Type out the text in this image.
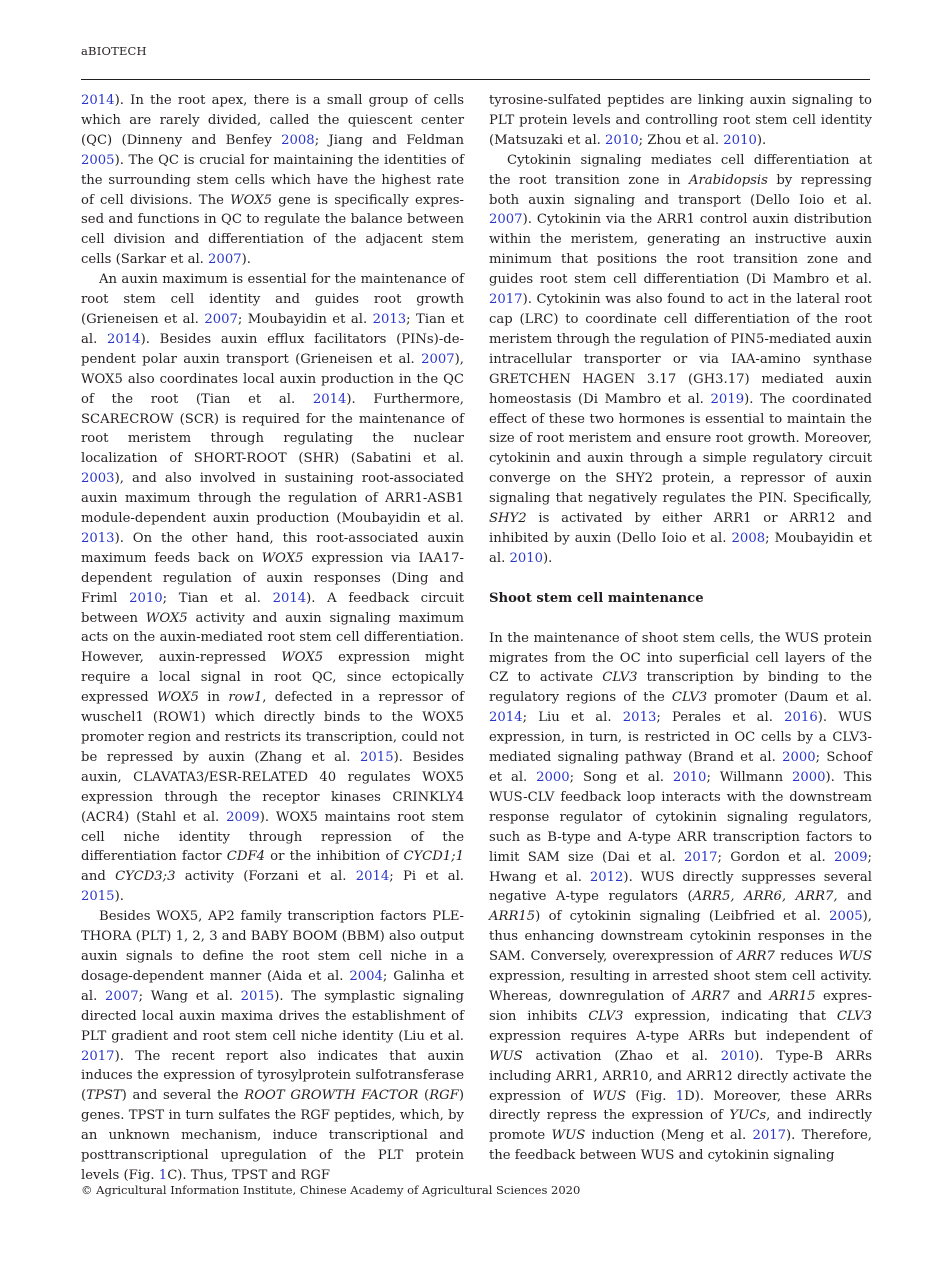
aBIOTECH

2014). In the root apex, there is a small group of cells which are rarely divided, called the quiescent center (QC) (Dinneny and Benfey 2008; Jiang and Feldman 2005). The QC is crucial for maintaining the identities of the surrounding stem cells which have the highest rate of cell divisions. The WOX5 gene is specifically expressed and functions in QC to regulate the balance between cell division and differentiation of the adjacent stem cells (Sarkar et al. 2007).

An auxin maximum is essential for the maintenance of root stem cell identity and guides root growth (Grieneisen et al. 2007; Moubayidin et al. 2013; Tian et al. 2014). Besides auxin efflux facilitators (PINs)-dependent polar auxin transport (Grieneisen et al. 2007), WOX5 also coordinates local auxin production in the QC of the root (Tian et al. 2014). Furthermore, SCARECROW (SCR) is required for the maintenance of root meristem through regulating the nuclear localization of SHORT-ROOT (SHR) (Sabatini et al. 2003), and also involved in sustaining root-associated auxin maximum through the regulation of ARR1-ASB1 module-dependent auxin production (Moubayidin et al. 2013). On the other hand, this root-associated auxin maximum feeds back on WOX5 expression via IAA17-dependent regulation of auxin responses (Ding and Friml 2010; Tian et al. 2014). A feedback circuit between WOX5 activity and auxin signaling maximum acts on the auxin-mediated root stem cell differentiation. However, auxin-repressed WOX5 expression might require a local signal in root QC, since ectopically expressed WOX5 in row1, defected in a repressor of wuschel1 (ROW1) which directly binds to the WOX5 promoter region and restricts its transcription, could not be repressed by auxin (Zhang et al. 2015). Besides auxin, CLAVATA3/ESR-RELATED 40 regulates WOX5 expression through the receptor kinases CRINKLY4 (ACR4) (Stahl et al. 2009). WOX5 maintains root stem cell niche identity through repression of the differentiation factor CDF4 or the inhibition of CYCD1;1 and CYCD3;3 activity (Forzani et al. 2014; Pi et al. 2015).

Besides WOX5, AP2 family transcription factors PLETHORA (PLT) 1, 2, 3 and BABY BOOM (BBM) also output auxin signals to define the root stem cell niche in a dosage-dependent manner (Aida et al. 2004; Galinha et al. 2007; Wang et al. 2015). The symplastic signaling directed local auxin maxima drives the establishment of PLT gradient and root stem cell niche identity (Liu et al. 2017). The recent report also indicates that auxin induces the expression of tyrosylprotein sulfotransferase (TPST) and several the ROOT GROWTH FACTOR (RGF) genes. TPST in turn sulfates the RGF peptides, which, by an unknown mechanism, induce transcriptional and posttranscriptional upregulation of the PLT protein levels (Fig. 1C). Thus, TPST and RGF

tyrosine-sulfated peptides are linking auxin signaling to PLT protein levels and controlling root stem cell identity (Matsuzaki et al. 2010; Zhou et al. 2010).

Cytokinin signaling mediates cell differentiation at the root transition zone in Arabidopsis by repressing both auxin signaling and transport (Dello Ioio et al. 2007). Cytokinin via the ARR1 control auxin distribution within the meristem, generating an instructive auxin minimum that positions the root transition zone and guides root stem cell differentiation (Di Mambro et al. 2017). Cytokinin was also found to act in the lateral root cap (LRC) to coordinate cell differentiation of the root meristem through the regulation of PIN5-mediated auxin intracellular transporter or via IAA-amino synthase GRETCHEN HAGEN 3.17 (GH3.17) mediated auxin homeostasis (Di Mambro et al. 2019). The coordinated effect of these two hormones is essential to maintain the size of root meristem and ensure root growth. Moreover, cytokinin and auxin through a simple regulatory circuit converge on the SHY2 protein, a repressor of auxin signaling that negatively regulates the PIN. Specifically, SHY2 is activated by either ARR1 or ARR12 and inhibited by auxin (Dello Ioio et al. 2008; Moubayidin et al. 2010).

Shoot stem cell maintenance

In the maintenance of shoot stem cells, the WUS protein migrates from the OC into superficial cell layers of the CZ to activate CLV3 transcription by binding to the regulatory regions of the CLV3 promoter (Daum et al. 2014; Liu et al. 2013; Perales et al. 2016). WUS expression, in turn, is restricted in OC cells by a CLV3-mediated signaling pathway (Brand et al. 2000; Schoof et al. 2000; Song et al. 2010; Willmann 2000). This WUS-CLV feedback loop interacts with the downstream response regulator of cytokinin signaling regulators, such as B-type and A-type ARR transcription factors to limit SAM size (Dai et al. 2017; Gordon et al. 2009; Hwang et al. 2012). WUS directly suppresses several negative A-type regulators (ARR5, ARR6, ARR7, and ARR15) of cytokinin signaling (Leibfried et al. 2005), thus enhancing downstream cytokinin responses in the SAM. Conversely, overexpression of ARR7 reduces WUS expression, resulting in arrested shoot stem cell activity. Whereas, downregulation of ARR7 and ARR15 expression inhibits CLV3 expression, indicating that CLV3 expression requires A-type ARRs but independent of WUS activation (Zhao et al. 2010). Type-B ARRs including ARR1, ARR10, and ARR12 directly activate the expression of WUS (Fig. 1D). Moreover, these ARRs directly repress the expression of YUCs, and indirectly promote WUS induction (Meng et al. 2017). Therefore, the feedback between WUS and cytokinin signaling

© Agricultural Information Institute, Chinese Academy of Agricultural Sciences 2020
